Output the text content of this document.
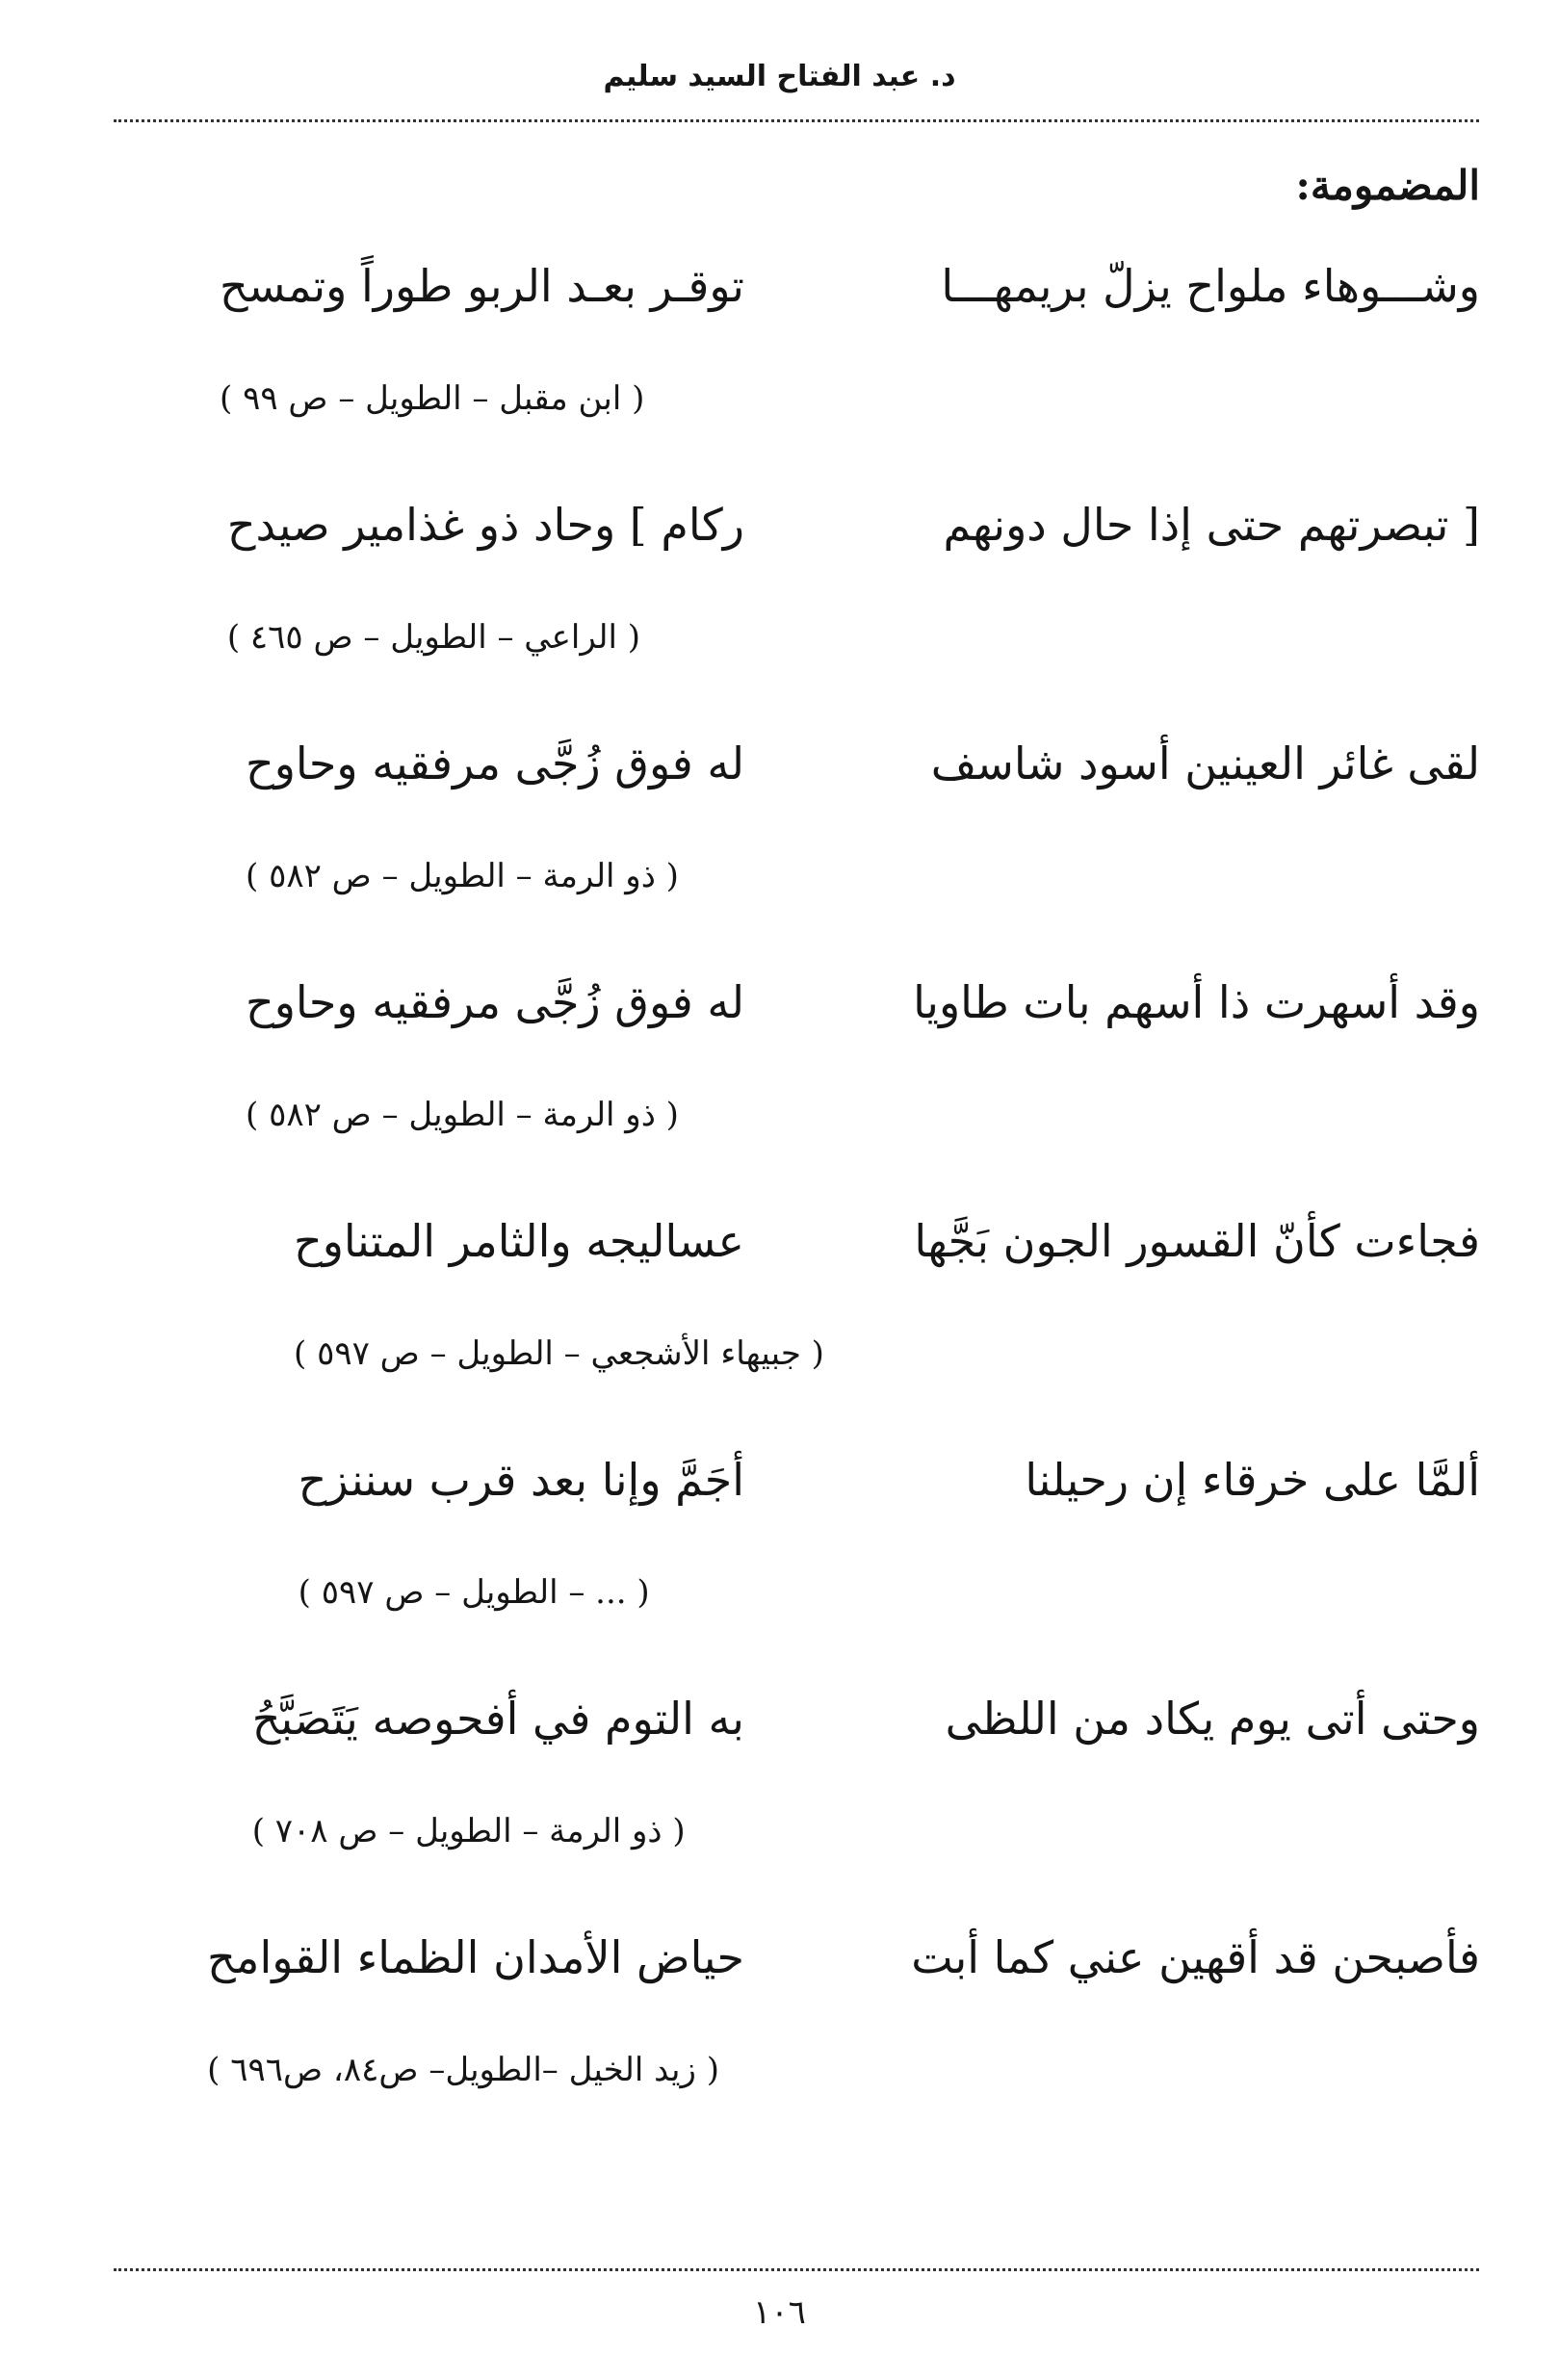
د. عبد الفتاح السيد سليم
المضمومة:
وشـــوهاء ملواح يزلّ بريمهـــا
توقـر بعـد الربو طوراً وتمسح
( ابن مقبل – الطويل – ص ٩٩ )
[ تبصرتهم حتى إذا حال دونهم
ركام ] وحاد ذو غذامير صيدح
( الراعي – الطويل – ص ٤٦٥ )
لقى غائر العينين أسود شاسف
له فوق زُجَّى مرفقيه وحاوح
( ذو الرمة – الطويل – ص ٥٨٢ )
وقد أسهرت ذا أسهم بات طاويا
له فوق زُجَّى مرفقيه وحاوح
( ذو الرمة – الطويل – ص ٥٨٢ )
فجاءت كأنّ القسور الجون بَجَّها
عساليجه والثامر المتناوح
( جبيهاء الأشجعي – الطويل – ص ٥٩٧ )
ألمَّا على خرقاء إن رحيلنا
أجَمَّ وإنا بعد قرب سننزح
( ... – الطويل – ص ٥٩٧ )
وحتى أتى يوم يكاد من اللظى
به التوم في أفحوصه يَتَصَبَّحُ
( ذو الرمة – الطويل – ص ٧٠٨ )
فأصبحن قد أقهين عني كما أبت
حياض الأمدان الظماء القوامح
( زيد الخيل –الطويل– ص٨٤، ص٦٩٦ )
١٠٦
